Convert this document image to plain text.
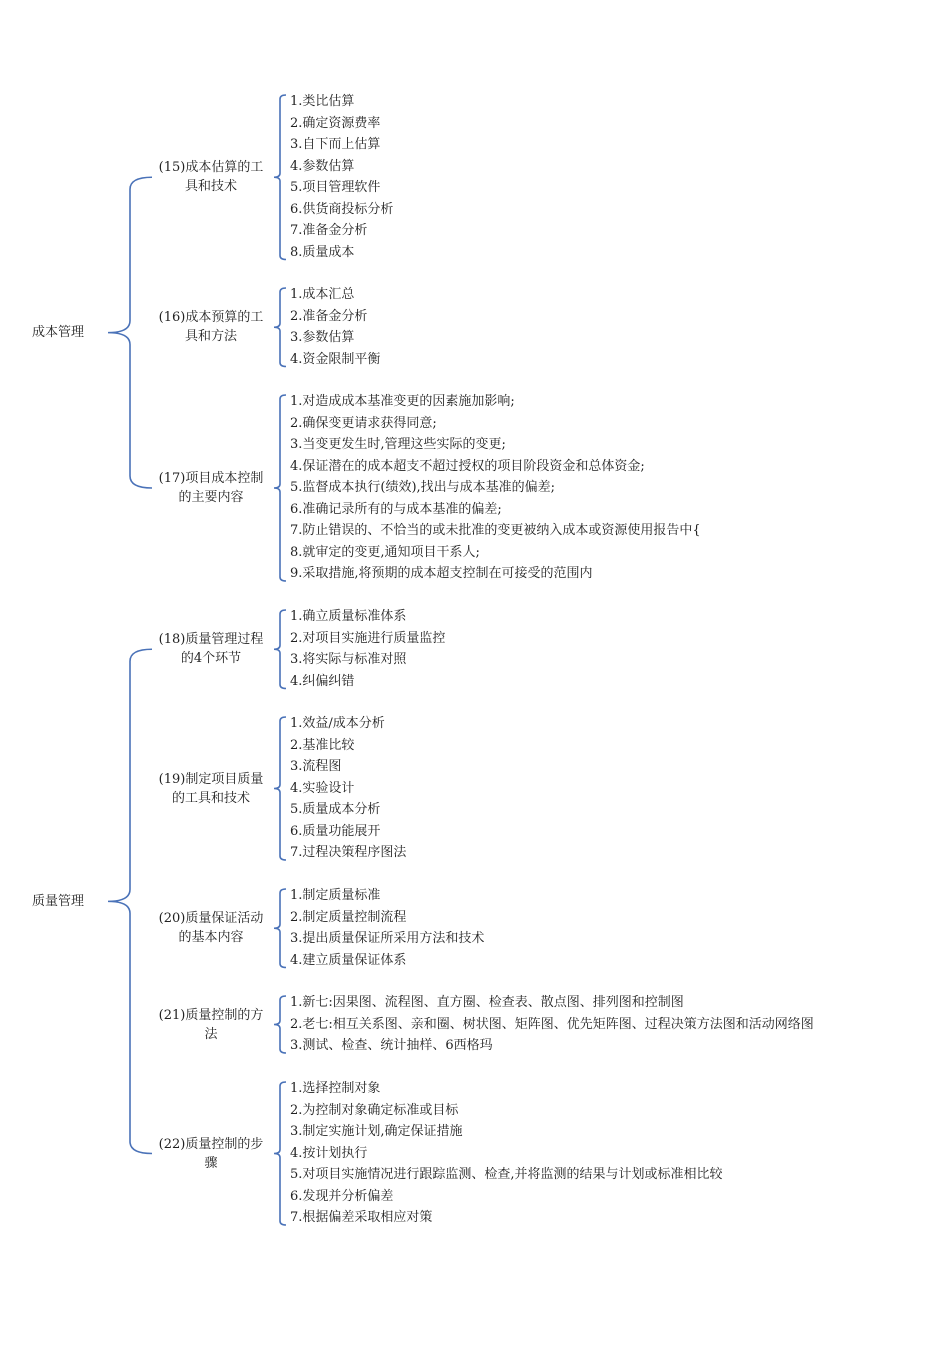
1.类比估算
2.确定资源费率
3.自下而上估算
4.参数估算
5.项目管理软件
6.供货商投标分析
7.准备金分析
8.质量成本
(15)成本估算的工具和技术
1.成本汇总
2.准备金分析
3.参数估算
4.资金限制平衡
(16)成本预算的工具和方法
1.对造成成本基准变更的因素施加影响;
2.确保变更请求获得同意;
3.当变更发生时,管理这些实际的变更;
4.保证潜在的成本超支不超过授权的项目阶段资金和总体资金;
5.监督成本执行(绩效),找出与成本基准的偏差;
6.准确记录所有的与成本基准的偏差;
7.防止错误的、不恰当的或未批准的变更被纳入成本或资源使用报告中{
8.就审定的变更,通知项目干系人;
9.采取措施,将预期的成本超支控制在可接受的范围内
(17)项目成本控制的主要内容
成本管理
1.确立质量标准体系
2.对项目实施进行质量监控
3.将实际与标准对照
4.纠偏纠错
(18)质量管理过程的4个环节
1.效益/成本分析
2.基准比较
3.流程图
4.实验设计
5.质量成本分析
6.质量功能展开
7.过程决策程序图法
(19)制定项目质量的工具和技术
1.制定质量标准
2.制定质量控制流程
3.提出质量保证所采用方法和技术
4.建立质量保证体系
(20)质量保证活动的基本内容
1.新七:因果图、流程图、直方圈、检查表、散点图、排列图和控制图
2.老七:相互关系图、亲和圈、树状图、矩阵图、优先矩阵图、过程决策方法图和活动网络图
3.测试、检查、统计抽样、6西格玛
(21)质量控制的方法
1.选择控制对象
2.为控制对象确定标准或目标
3.制定实施计划,确定保证措施
4.按计划执行
5.对项目实施情况进行跟踪监测、检查,并将监测的结果与计划或标准相比较
6.发现并分析偏差
7.根据偏差采取相应对策
(22)质量控制的步骤
质量管理
